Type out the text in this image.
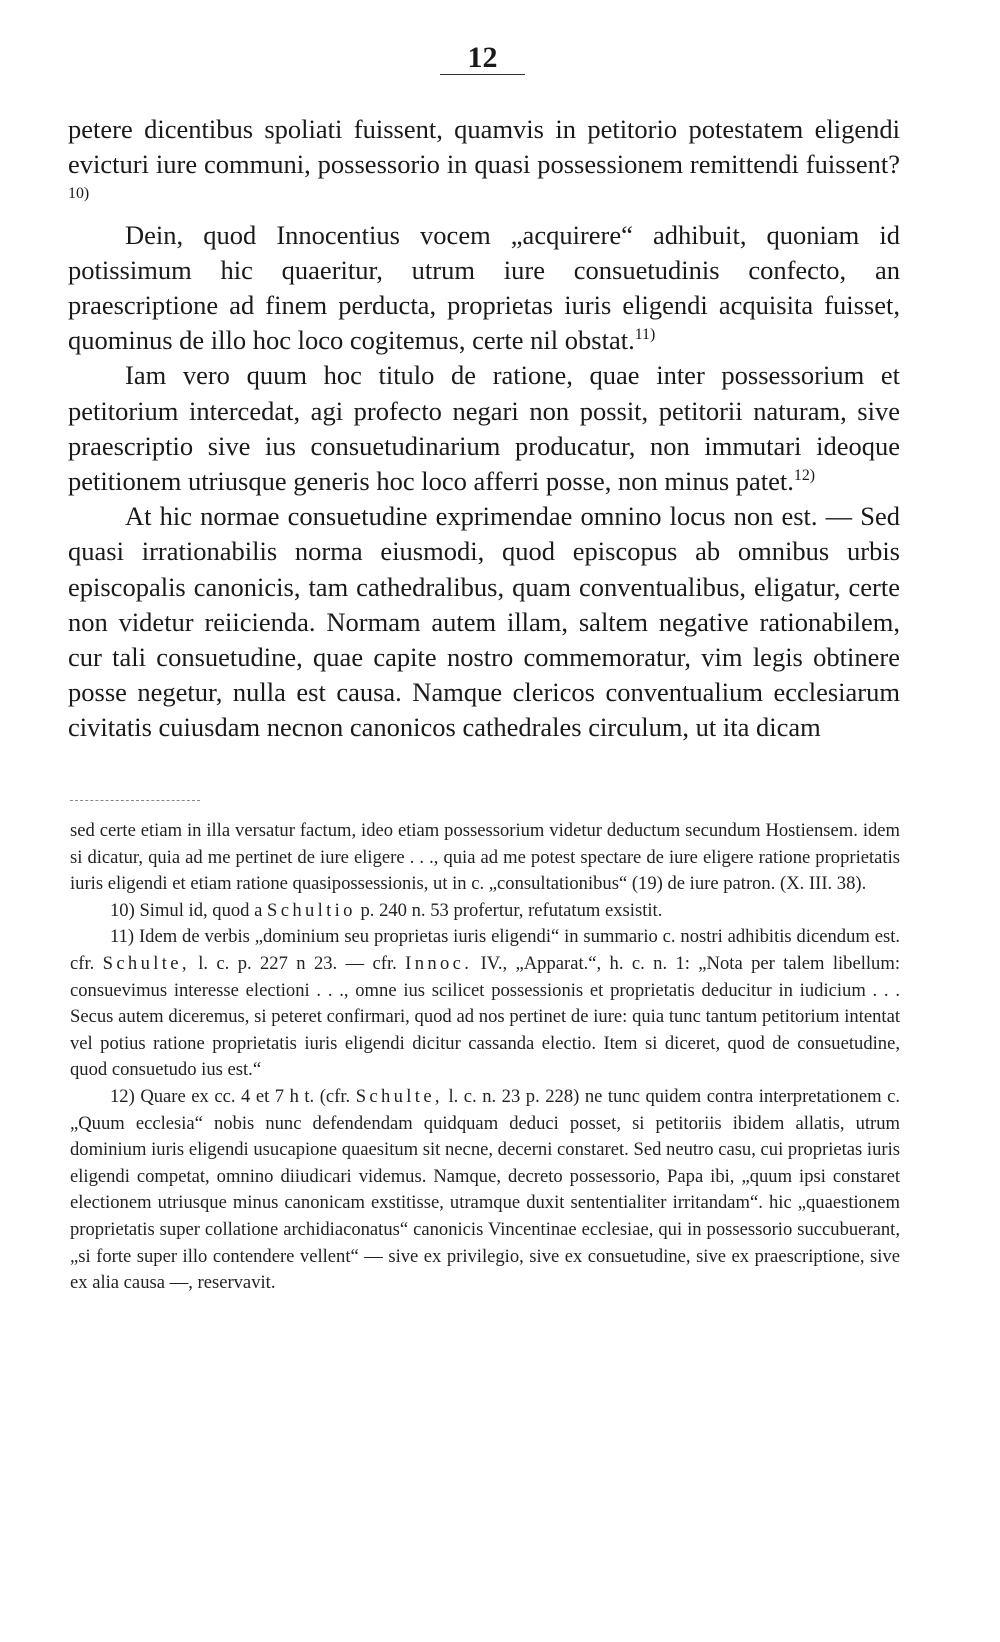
12

petere dicentibus spoliati fuissent, quamvis in petitorio potestatem eligendi evicturi iure communi, possessorio in quasi possessionem remittendi fuissent?$^{10)}$

Dein, quod Innocentius vocem „acquirere“ adhibuit, quoniam id potissimum hic quaeritur, utrum iure consuetudinis confecto, an praescriptione ad finem perducta, proprietas iuris eligendi acquisita fuisset, quominus de illo hoc loco cogitemus, certe nil obstat.$^{11)}$

Iam vero quum hoc titulo de ratione, quae inter possessorium et petitorium intercedat, agi profecto negari non possit, petitorii naturam, sive praescriptio sive ius consuetudinarium producatur, non immutari ideoque petitionem utriusque generis hoc loco afferri posse, non minus patet.$^{12)}$

At hic normae consuetudine exprimendae omnino locus non est. — Sed quasi irrationabilis norma eiusmodi, quod episcopus ab omnibus urbis episcopalis canonicis, tam cathedralibus, quam conventualibus, eligatur, certe non videtur reiicienda. Normam autem illam, saltem negative rationabilem, cur tali consuetudine, quae capite nostro commemoratur, vim legis obtinere posse negetur, nulla est causa. Namque clericos conventualium ecclesiarum civitatis cuiusdam necnon canonicos cathedrales circulum, ut ita dicam

sed certe etiam in illa versatur factum, ideo etiam possessorium videtur deductum secundum Hostiensem. idem si dicatur, quia ad me pertinet de iure eligere . . ., quia ad me potest spectare de iure eligere ratione proprietatis iuris eligendi et etiam ratione quasipossessionis, ut in c. „consultationibus“ (19) de iure patron. (X. III. 38).

10) Simul id, quod a Schultio p. 240 n. 53 profertur, refutatum exsistit.

11) Idem de verbis „dominium seu proprietas iuris eligendi“ in summario c. nostri adhibitis dicendum est. cfr. Schulte, l. c. p. 227 n 23. — cfr. Innoc. IV., „Apparat.“, h. c. n. 1: „Nota per talem libellum: consuevimus interesse electioni . . ., omne ius scilicet possessionis et proprietatis deducitur in iudicium . . . Secus autem diceremus, si peteret confirmari, quod ad nos pertinet de iure: quia tunc tantum petitorium intentat vel potius ratione proprietatis iuris eligendi dicitur cassanda electio. Item si diceret, quod de consuetudine, quod consuetudo ius est.“

12) Quare ex cc. 4 et 7 h t. (cfr. Schulte, l. c. n. 23 p. 228) ne tunc quidem contra interpretationem c. „Quum ecclesia“ nobis nunc defendendam quidquam deduci posset, si petitoriis ibidem allatis, utrum dominium iuris eligendi usucapione quaesitum sit necne, decerni constaret. Sed neutro casu, cui proprietas iuris eligendi competat, omnino diiudicari videmus. Namque, decreto possessorio, Papa ibi, „quum ipsi constaret electionem utriusque minus canonicam exstitisse, utramque duxit sententialiter irritandam“. hic „quaestionem proprietatis super collatione archidiaconatus“ canonicis Vincentinae ecclesiae, qui in possessorio succubuerant, „si forte super illo contendere vellent“ — sive ex privilegio, sive ex consuetudine, sive ex praescriptione, sive ex alia causa —, reservavit.
